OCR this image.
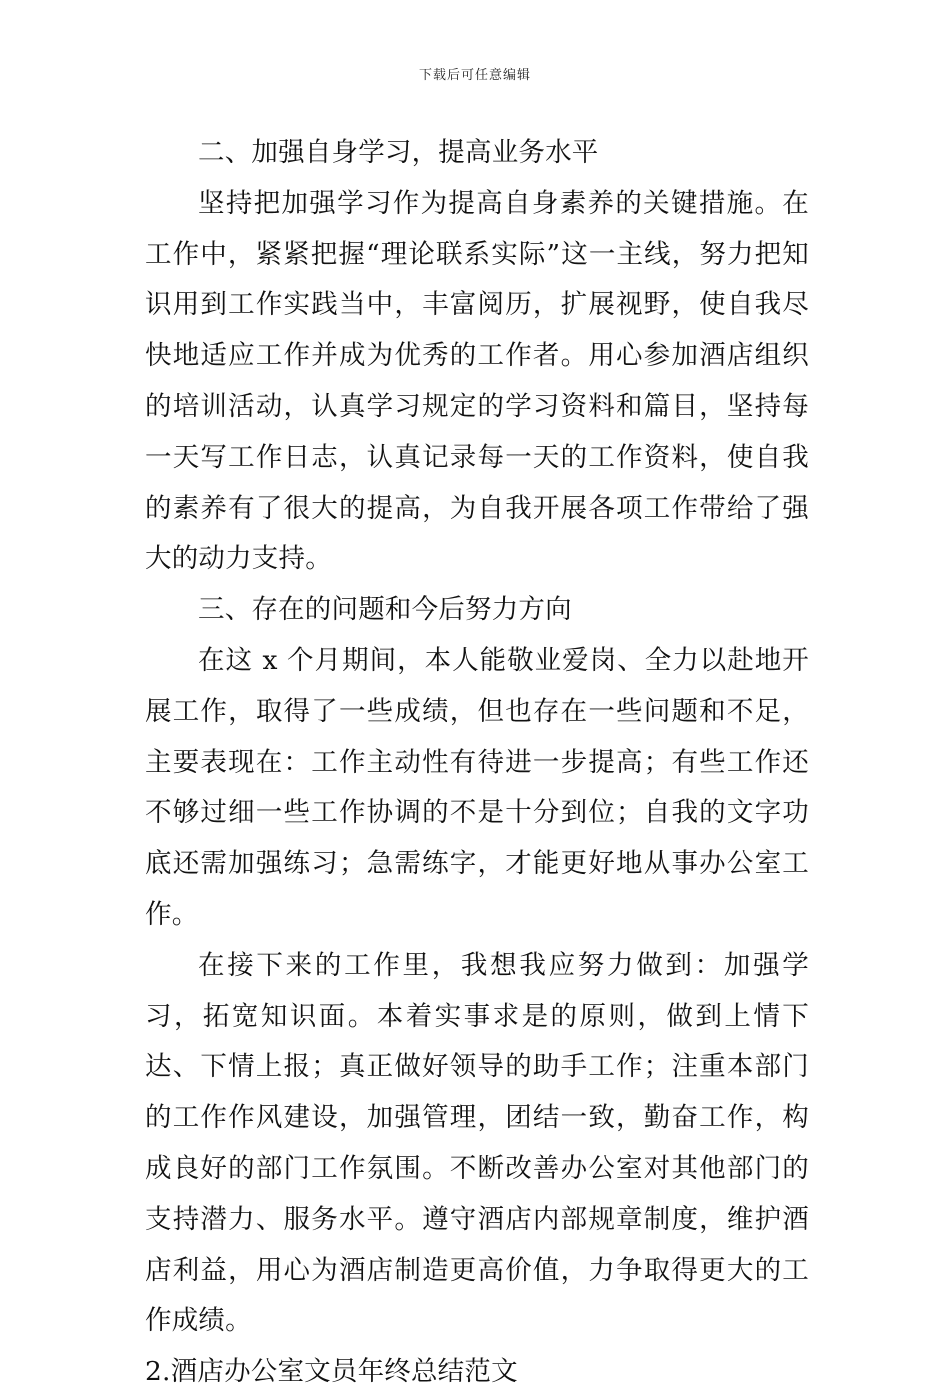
下载后可任意编辑

二、加强自身学习，提高业务水平

坚持把加强学习作为提高自身素养的关键措施。在工作中，紧紧把握“理论联系实际”这一主线，努力把知识用到工作实践当中，丰富阅历，扩展视野，使自我尽快地适应工作并成为优秀的工作者。用心参加酒店组织的培训活动，认真学习规定的学习资料和篇目，坚持每一天写工作日志，认真记录每一天的工作资料，使自我的素养有了很大的提高，为自我开展各项工作带给了强大的动力支持。

三、存在的问题和今后努力方向

在这 x 个月期间，本人能敬业爱岗、全力以赴地开展工作，取得了一些成绩，但也存在一些问题和不足，主要表现在：工作主动性有待进一步提高；有些工作还不够过细一些工作协调的不是十分到位；自我的文字功底还需加强练习；急需练字，才能更好地从事办公室工作。

在接下来的工作里，我想我应努力做到：加强学习，拓宽知识面。本着实事求是的原则，做到上情下达、下情上报；真正做好领导的助手工作；注重本部门的工作作风建设，加强管理，团结一致，勤奋工作，构成良好的部门工作氛围。不断改善办公室对其他部门的支持潜力、服务水平。遵守酒店内部规章制度，维护酒店利益，用心为酒店制造更高价值，力争取得更大的工作成绩。

2.酒店办公室文员年终总结范文
